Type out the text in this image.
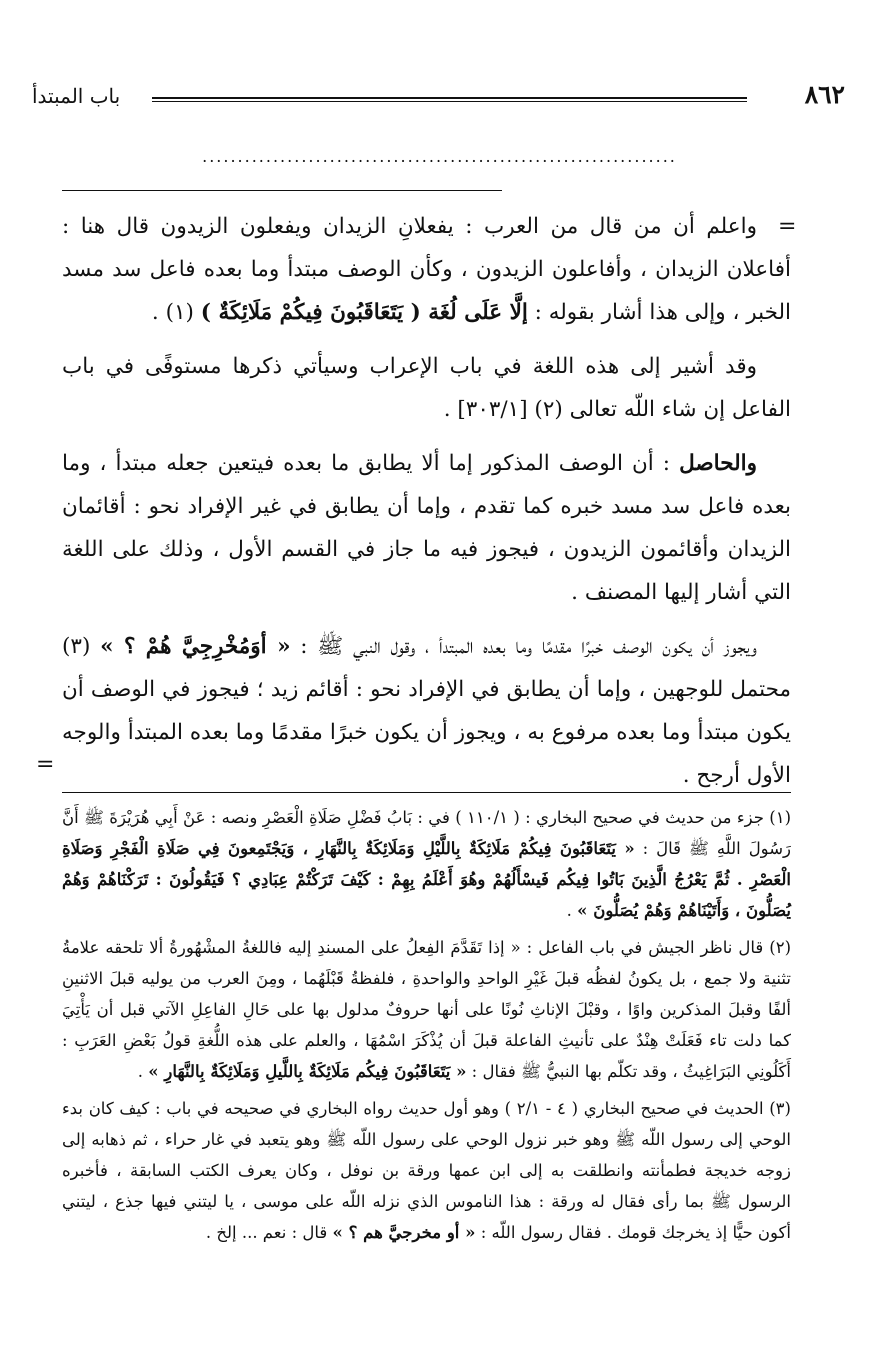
٨٦٢
باب المبتدأ
...................................................................
=
=

واعلم أن من قال من العرب : يفعلانِ الزيدان ويفعلون الزيدون قال هنا : أفاعلان الزيدان ، وأفاعلون الزيدون ، وكأن الوصف مبتدأ وما بعده فاعل سد مسد الخبر ، وإلى هذا أشار بقوله : إلَّا عَلَى لُغَة ( يَتَعَاقَبُونَ فِيكُمْ مَلَائِكَةٌ ) (١) .

وقد أشير إلى هذه اللغة في باب الإعراب وسيأتي ذكرها مستوفًى في باب الفاعل إن شاء اللّه تعالى (٢) [٣٠٣/١] .

والحاصل : أن الوصف المذكور إما ألا يطابق ما بعده فيتعين جعله مبتدأ ، وما بعده فاعل سد مسد خبره كما تقدم ، وإما أن يطابق في غير الإفراد نحو : أقائمان الزيدان وأقائمون الزيدون ، فيجوز فيه ما جاز في القسم الأول ، وذلك على اللغة التي أشار إليها المصنف .

ويجوز أن يكون الوصف خبرًا مقدمًا وما بعده المبتدأ ، وقول النبي ﷺ : « أوَمُخْرِجِيَّ هُمْ ؟ » (٣) محتمل للوجهين ، وإما أن يطابق في الإفراد نحو : أقائم زيد ؛ فيجوز في الوصف أن يكون مبتدأ وما بعده مرفوع به ، ويجوز أن يكون خبرًا مقدمًا وما بعده المبتدأ والوجه الأول أرجح .

(١) جزء من حديث في صحيح البخاري : ( ١١٠/١ ) في : بَابُ فَضْلِ صَلَاةِ الْعَصْرِ ونصه : عَنْ أَبِي هُرَيْرَةَ ﷺ أَنَّ رَسُولَ اللَّهِ ﷺ قَالَ : « يَتَعَاقَبُونَ فِيكُمْ مَلَائِكَةٌ بِاللَّيْلِ وَمَلَائِكَةٌ بِالنَّهَارِ ، وَيَجْتَمِعونَ فِي صَلَاةِ الْفَجْرِ وَصَلَاةِ الْعَصْرِ . ثُمَّ يَعْرُجُ الَّذِينَ بَاتُوا فِيكُم فَيسْأَلُهُمْ وهُوَ أَعْلَمُ بِهِمْ : كَيْفَ تَرَكْتُمْ عِبَادِي ؟ فَيَقُولُونَ : تَرَكْنَاهُمْ وَهُمْ يُصَلُّونَ ، وَأَتَيْنَاهُمْ وَهُمْ يُصَلُّونَ » .

(٢) قال ناظر الجيش في باب الفاعل : « إذا تَقَدَّمَ الفِعلُ على المسندِ إليه فاللغةُ المشْهُورةُ ألا تلحقه علامةُ تثنية ولا جمع ، بل يكونُ لفظُه قبلَ غَيْرِ الواحدِ والواحدةِ ، فلفظةُ قَبْلَهُما ، ومِنَ العرب من يوليه قبلَ الاثنينِ ألفًا وقبلَ المذكرين واوًا ، وقبْلَ الإناثِ نُونًا على أنها حروفٌ مدلول بها على حَالِ الفاعِلِ الآتي قبل أن يَأْتِيَ كما دلت تاء فَعَلَتْ هِنْدٌ على تأنيثِ الفاعلة قبلَ أن يُذْكَرَ اسْمُهَا ، والعلم على هذه اللُّغةِ قولُ بَعْضِ العَرَبِ : أَكَلُونِي البَرَاغِيثُ ، وقد تكلّم بها النبيُّ ﷺ فقال : « يَتَعَاقَبُونَ فِيكُم مَلَائِكَةٌ بِاللَّيلِ وَمَلَائِكَةٌ بِالنَّهَارِ » .

(٣) الحديث في صحيح البخاري ( ٤ - ٢/١ ) وهو أول حديث رواه البخاري في صحيحه في باب : كيف كان بدء الوحي إلى رسول اللّه ﷺ وهو خبر نزول الوحي على رسول اللّه ﷺ وهو يتعبد في غار حراء ، ثم ذهابه إلى زوجه خديجة فطمأنته وانطلقت به إلى ابن عمها ورقة بن نوفل ، وكان يعرف الكتب السابقة ، فأخبره الرسول ﷺ بما رأى فقال له ورقة : هذا الناموس الذي نزله اللّه على موسى ، يا ليتني فيها جذع ، ليتني أكون حيًّا إذ يخرجك قومك . فقال رسول اللّه : « أو مخرجيَّ هم ؟ » قال : نعم ... إلخ .
